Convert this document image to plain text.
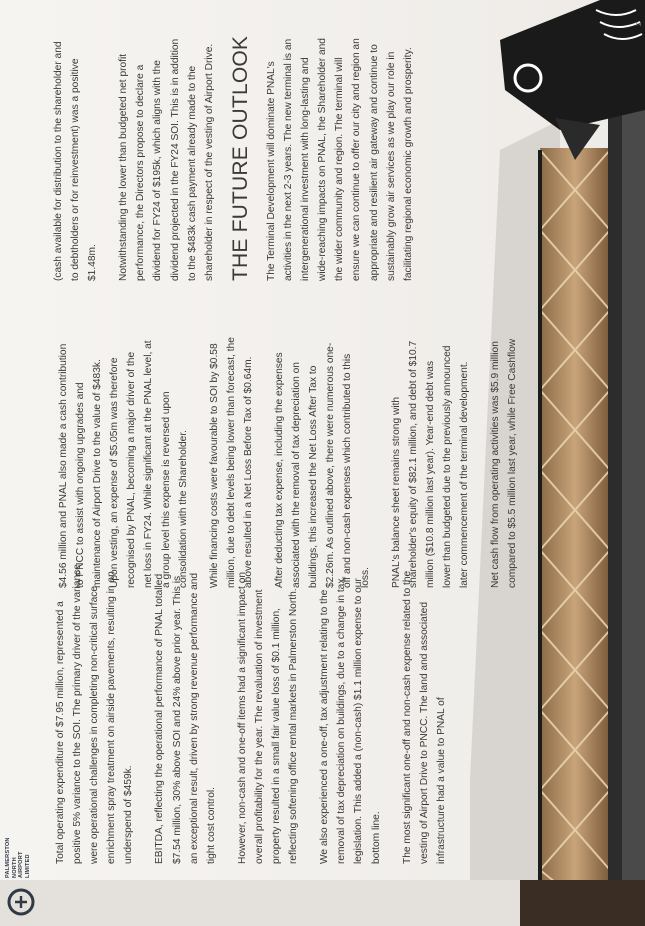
PALMERSTON NORTH AIRPORT LIMITED

Total operating expenditure of $7.95 million, represented a positive 5% variance to the SOI. The primary driver of the variance were operational challenges in completing non-critical surface enrichment spray treatment on airside pavements, resulting in an underspend of $459k.	EBITDA, reflecting the operational performance of PNAL totalled $7.54 million, 30% above SOI and 24% above prior year. This is an exceptional result, driven by strong revenue performance and tight cost control.	However, non-cash and one-off items had a significant impact on overall profitability for the year. The revaluation of investment property resulted in a small fair value loss of $0.1 million, reflecting softening office rental markets in Palmerston North.	We also experienced a one-off, tax adjustment relating to the removal of tax depreciation on buildings, due to a change in tax legislation. This added a (non-cash) $1.1 million expense to our bottom line.	The most significant one-off and non-cash expense related to the vesting of Airport Drive to PNCC. The land and associated infrastructure had a value to PNAL of

$4.56 million and PNAL also made a cash contribution to PNCC to assist with ongoing upgrades and maintenance of Airport Drive to the value of $483k. Upon vesting, an expense of $5.05m was therefore recognised by PNAL, becoming a major driver of the net loss in FY24. While significant at the PNAL level, at a group level this expense is reversed upon consolidation with the Shareholder.	While financing costs were favourable to SOI by $0.58 million, due to debt levels being lower than forecast, the above resulted in a Net Loss Before Tax of $0.64m.	After deducting tax expense, including the expenses associated with the removal of tax depreciation on buildings, this increased the Net Loss After Tax to $2.26m. As outlined above, there were numerous one-off and non-cash expenses which contributed to this loss.	PNAL's balance sheet remains strong with shareholder's equity of $82.1 million, and debt of $10.7 million ($10.8 million last year). Year-end debt was lower than budgeted due to the previously announced later commencement of the terminal development.	Net cash flow from operating activities was $5.9 million compared to $5.5 million last year, while Free Cashflow

(cash available for distribution to the shareholder and to debtholders or for reinvestment) was a positive $1.48m.	Notwithstanding the lower than budgeted net profit performance, the Directors propose to declare a dividend for FY24 of $195k, which aligns with the dividend projected in the FY24 SOI. This is in addition to the $483k cash payment already made to the shareholder in respect of the vesting of Airport Drive. THE FUTURE OUTLOOK The Terminal Development will dominate PNAL's activities in the next 2-3 years. The new terminal is an intergenerational investment with long-lasting and wide-reaching impacts on PNAL, the Shareholder and the wider community and region. The terminal will ensure we can continue to offer our city and region an appropriate and resilient air gateway and continue to sustainably grow air services as we play our role in facilitating regional economic growth and prosperity.

2
